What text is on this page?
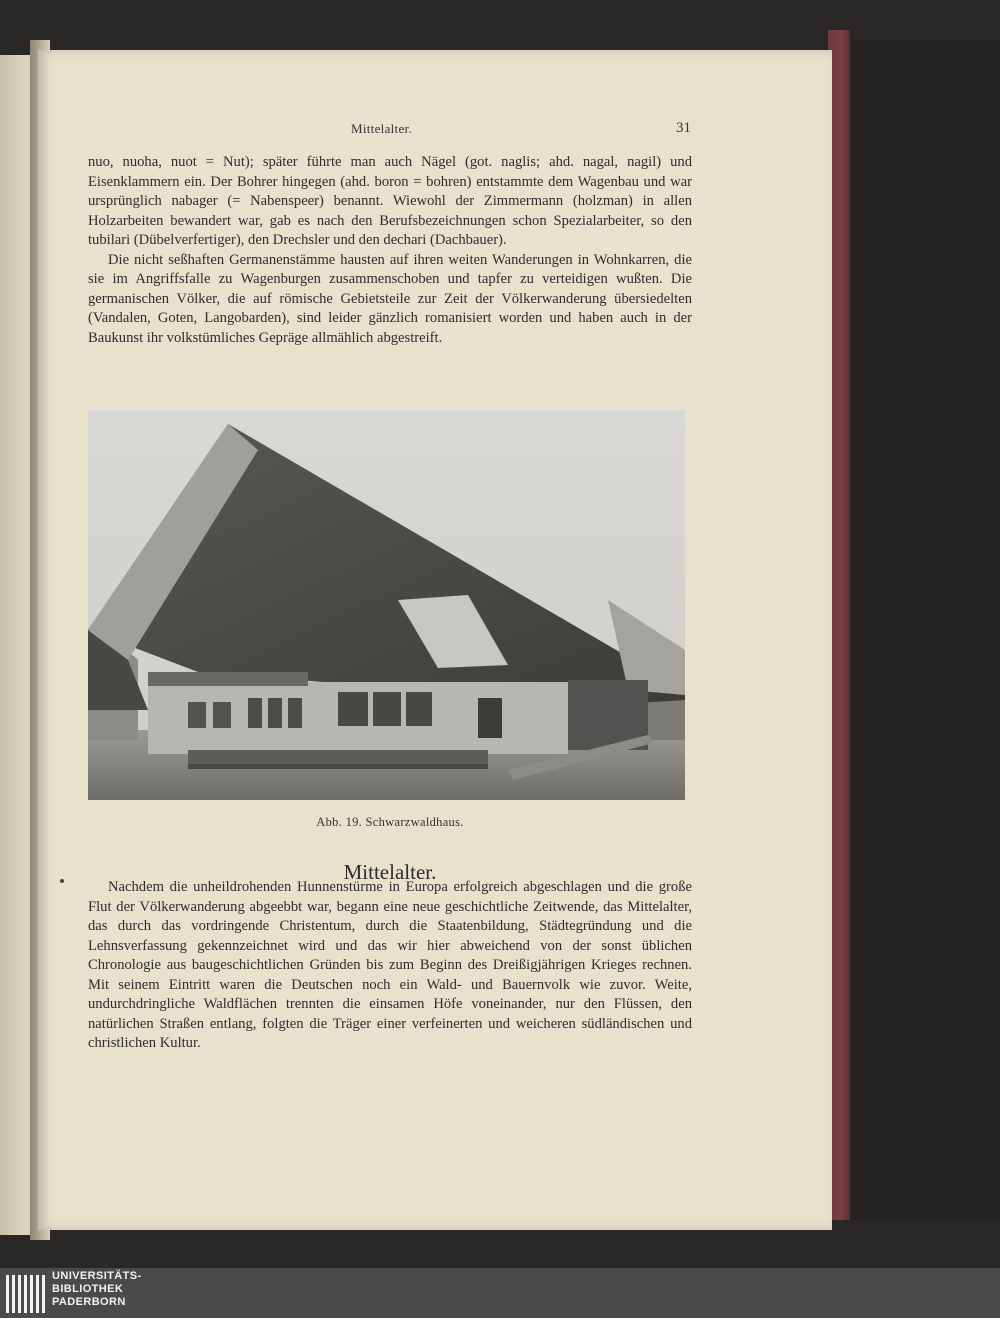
Mittelalter.	31

nuo, nuoha, nuot = Nut); später führte man auch Nägel (got. naglis; ahd. nagal, nagil) und Eisenklammern ein. Der Bohrer hingegen (ahd. boron = bohren) entstammte dem Wagenbau und war ursprünglich nabager (= Nabenspeer) benannt. Wiewohl der Zimmermann (holzman) in allen Holzarbeiten bewandert war, gab es nach den Berufsbezeichnungen schon Spezialarbeiter, so den tubilari (Dübelverfertiger), den Drechsler und den dechari (Dachbauer).

Die nicht seßhaften Germanenstämme hausten auf ihren weiten Wanderungen in Wohnkarren, die sie im Angriffsfalle zu Wagenburgen zusammenschoben und tapfer zu verteidigen wußten. Die germanischen Völker, die auf römische Gebietsteile zur Zeit der Völkerwanderung übersiedelten (Vandalen, Goten, Langobarden), sind leider gänzlich romanisiert worden und haben auch in der Baukunst ihr volkstümliches Gepräge allmählich abgestreift.

Abb. 19. Schwarzwaldhaus.
Mittelalter.

Nachdem die unheildrohenden Hunnenstürme in Europa erfolgreich abgeschlagen und die große Flut der Völkerwanderung abgeebbt war, begann eine neue geschichtliche Zeitwende, das Mittelalter, das durch das vordringende Christentum, durch die Staatenbildung, Städtegründung und die Lehnsverfassung gekennzeichnet wird und das wir hier abweichend von der sonst üblichen Chronologie aus baugeschichtlichen Gründen bis zum Beginn des Dreißigjährigen Krieges rechnen. Mit seinem Eintritt waren die Deutschen noch ein Wald- und Bauernvolk wie zuvor. Weite, undurchdringliche Waldflächen trennten die einsamen Höfe voneinander, nur den Flüssen, den natürlichen Straßen entlang, folgten die Träger einer verfeinerten und weicheren südländischen und christlichen Kultur.

UNIVERSITÄTS-
BIBLIOTHEK
PADERBORN
